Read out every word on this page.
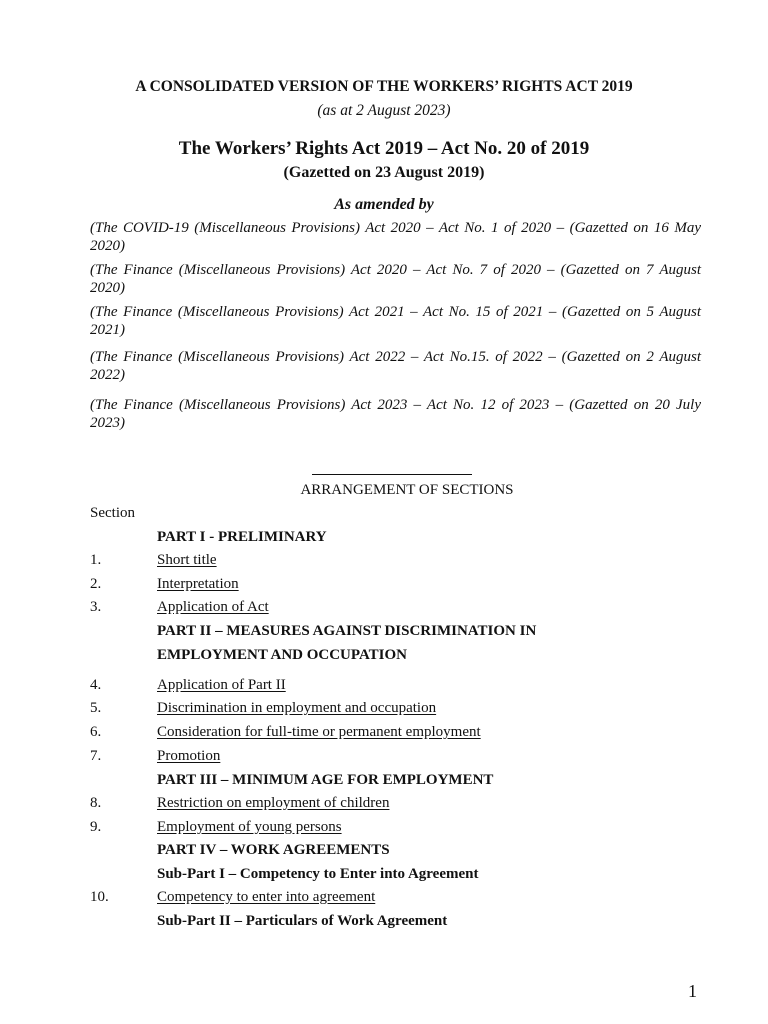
A CONSOLIDATED VERSION OF THE WORKERS’ RIGHTS ACT 2019
(as at 2 August 2023)
The Workers’ Rights Act 2019 – Act No. 20 of 2019
(Gazetted on 23 August 2019)
As amended by
(The COVID-19 (Miscellaneous Provisions) Act 2020 – Act No. 1 of 2020 – (Gazetted on 16 May 2020)
(The Finance (Miscellaneous Provisions) Act 2020 – Act No. 7 of 2020 – (Gazetted on 7 August 2020)
(The Finance (Miscellaneous Provisions) Act 2021 – Act No. 15 of 2021 – (Gazetted on 5 August 2021)
(The Finance (Miscellaneous Provisions) Act 2022 – Act No.15. of 2022 – (Gazetted on 2 August 2022)
(The Finance (Miscellaneous Provisions) Act 2023 – Act No. 12 of 2023 – (Gazetted on 20 July 2023)
ARRANGEMENT OF SECTIONS
Section
PART I - PRELIMINARY
1.	Short title
2.	Interpretation
3.	Application of Act
PART II – MEASURES AGAINST DISCRIMINATION IN
EMPLOYMENT AND OCCUPATION
4.	Application of Part II
5.	Discrimination in employment and occupation
6.	Consideration for full-time or permanent employment
7.	Promotion
PART III – MINIMUM AGE FOR EMPLOYMENT
8.	Restriction on employment of children
9.	Employment of young persons
PART IV – WORK AGREEMENTS
Sub-Part I – Competency to Enter into Agreement
10.	Competency to enter into agreement
Sub-Part II – Particulars of Work Agreement
1
